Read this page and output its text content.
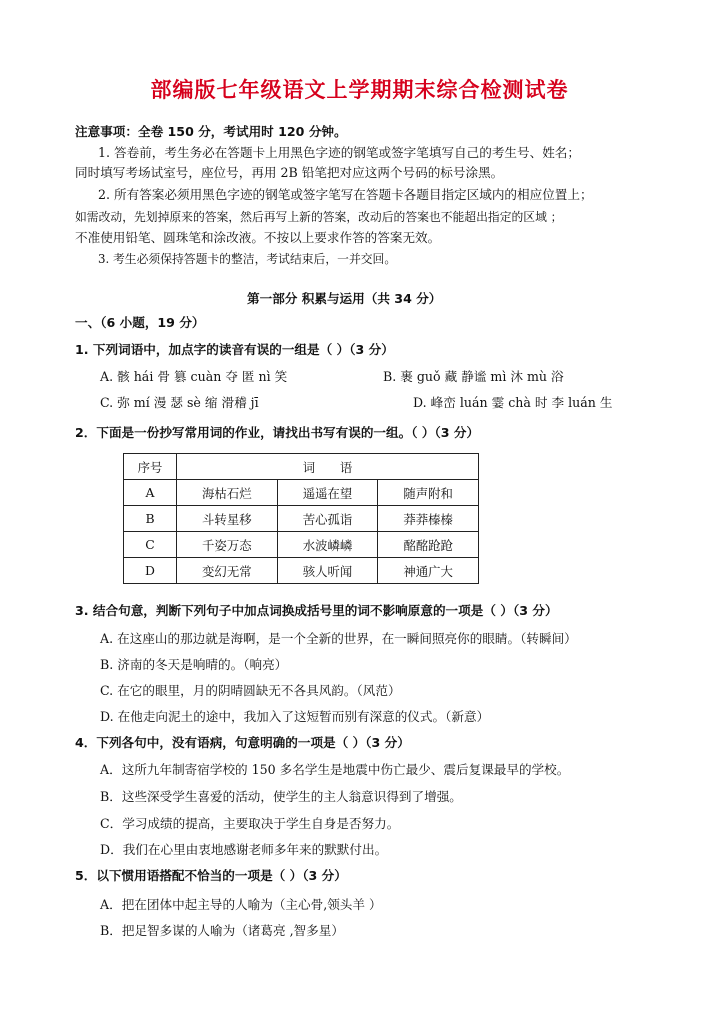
部编版七年级语文上学期期末综合检测试卷
注意事项：全卷 150 分，考试用时 120 分钟。
1. 答卷前，考生务必在答题卡上用黑色字迹的钢笔或签字笔填写自己的考生号、姓名；
同时填写考场试室号，座位号，再用 2B 铅笔把对应这两个号码的标号涂黑。
2. 所有答案必须用黑色字迹的钢笔或签字笔写在答题卡各题目指定区域内的相应位置上；
如需改动，先划掉原来的答案，然后再写上新的答案，改动后的答案也不能超出指定的区域 ；
不准使用铅笔、圆珠笔和涂改液。不按以上要求作答的答案无效。
3. 考生必须保持答题卡的整洁，考试结束后，一并交回。
第一部分 积累与运用（共 34 分）
一、（6 小题，19 分）
1. 下列词语中，加点字的读音有误的一组是（ ）（3 分）
A. 骸 hái 骨 篡 cuàn 夺 匿 nì 笑	B. 裹 guǒ 藏 静谧 mì 沐 mù 浴
C. 弥 mí 漫 瑟 sè 缩 滑稽 jī	D. 峰峦 luán 霎 chà 时 李 luán 生
2．下面是一份抄写常用词的作业，请找出书写有误的一组。（ ）（3 分）
序号	词　　语		
A	海枯石烂	遥遥在望	随声附和
B	斗转星移	苦心孤诣	莽莽榛榛
C	千姿万态	水波嶙嶙	酩酩跄跄
D	变幻无常	骇人听闻	神通广大
3. 结合句意，判断下列句子中加点词换成括号里的词不影响原意的一项是（ ）（3 分）
A. 在这座山的那边就是海啊，是一个全新的世界，在一瞬间照亮你的眼睛。（转瞬间）
B. 济南的冬天是响晴的。（响亮）
C. 在它的眼里，月的阴晴圆缺无不各具风韵。（风范）
D. 在他走向泥土的途中，我加入了这短暂而别有深意的仪式。（新意）
4．下列各句中，没有语病，句意明确的一项是（ ）（3 分）
A．这所九年制寄宿学校的 150 多名学生是地震中伤亡最少、震后复课最早的学校。
B．这些深受学生喜爱的活动，使学生的主人翁意识得到了增强。
C．学习成绩的提高，主要取决于学生自身是否努力。
D．我们在心里由衷地感谢老师多年来的默默付出。
5．以下惯用语搭配不恰当的一项是（ ）（3 分）
A．把在团体中起主导的人喻为（主心骨,领头羊 ）
B．把足智多谋的人喻为（诸葛亮 ,智多星）
